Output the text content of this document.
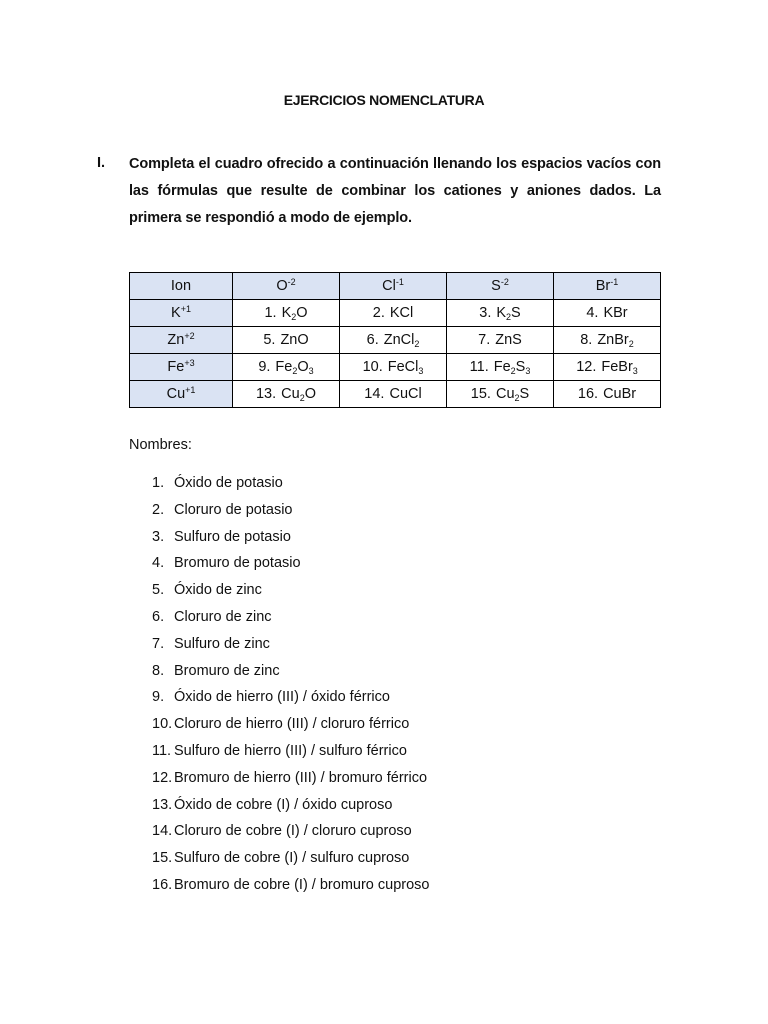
EJERCICIOS NOMENCLATURA
I. Completa el cuadro ofrecido a continuación llenando los espacios vacíos con las fórmulas que resulte de combinar los cationes y aniones dados. La primera se respondió a modo de ejemplo.
Ion	$O^{-2}$	$Cl^{-1}$	$S^{-2}$	$Br^{-1}$
$K^{+1}$	1. $K_2O$	2. KCl	3. $K_2S$	4. KBr
$Zn^{+2}$	5. ZnO	6. ZnCl$_2$	7. ZnS	8. ZnBr$_2$
$Fe^{+3}$	9. $Fe_2O_3$	10. FeCl$_3$	11. $Fe_2S_3$	12. FeBr$_3$
$Cu^{+1}$	13. $Cu_2O$	14. CuCl	15. $Cu_2S$	16. CuBr
Nombres:
1. Óxido de potasio
2. Cloruro de potasio
3. Sulfuro de potasio
4. Bromuro de potasio
5. Óxido de zinc
6. Cloruro de zinc
7. Sulfuro de zinc
8. Bromuro de zinc
9. Óxido de hierro (III) / óxido férrico
10. Cloruro de hierro (III) / cloruro férrico
11. Sulfuro de hierro (III) / sulfuro férrico
12. Bromuro de hierro (III) / bromuro férrico
13. Óxido de cobre (I) / óxido cuproso
14. Cloruro de cobre (I) / cloruro cuproso
15. Sulfuro de cobre (I) / sulfuro cuproso
16. Bromuro de cobre (I) / bromuro cuproso
